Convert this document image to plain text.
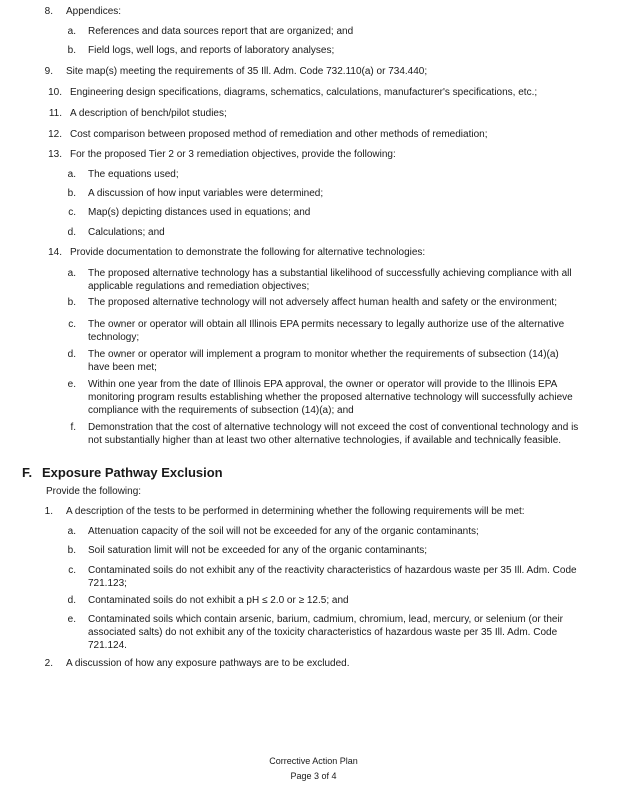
8. Appendices:
a. References and data sources report that are organized; and
b. Field logs, well logs, and reports of laboratory analyses;
9. Site map(s) meeting the requirements of 35 Ill. Adm. Code 732.110(a) or 734.440;
10. Engineering design specifications, diagrams, schematics, calculations, manufacturer's specifications, etc.;
11. A description of bench/pilot studies;
12. Cost comparison between proposed method of remediation and other methods of remediation;
13. For the proposed Tier 2 or 3 remediation objectives, provide the following:
a. The equations used;
b. A discussion of how input variables were determined;
c. Map(s) depicting distances used in equations; and
d. Calculations; and
14. Provide documentation to demonstrate the following for alternative technologies:
a. The proposed alternative technology has a substantial likelihood of successfully achieving compliance with all applicable regulations and remediation objectives;
b. The proposed alternative technology will not adversely affect human health and safety or the environment;
c. The owner or operator will obtain all Illinois EPA permits necessary to legally authorize use of the alternative technology;
d. The owner or operator will implement a program to monitor whether the requirements of subsection (14)(a) have been met;
e. Within one year from the date of Illinois EPA approval, the owner or operator will provide to the Illinois EPA monitoring program results establishing whether the proposed alternative technology will successfully achieve compliance with the requirements of subsection (14)(a); and
f. Demonstration that the cost of alternative technology will not exceed the cost of conventional technology and is not substantially higher than at least two other alternative technologies, if available and technically feasible.
F. Exposure Pathway Exclusion
Provide the following:
1. A description of the tests to be performed in determining whether the following requirements will be met:
a. Attenuation capacity of the soil will not be exceeded for any of the organic contaminants;
b. Soil saturation limit will not be exceeded for any of the organic contaminants;
c. Contaminated soils do not exhibit any of the reactivity characteristics of hazardous waste per 35 Ill. Adm. Code 721.123;
d. Contaminated soils do not exhibit a pH ≤ 2.0 or ≥ 12.5; and
e. Contaminated soils which contain arsenic, barium, cadmium, chromium, lead, mercury, or selenium (or their associated salts) do not exhibit any of the toxicity characteristics of hazardous waste per 35 Ill. Adm. Code 721.124.
2. A discussion of how any exposure pathways are to be excluded.
Corrective Action Plan
Page 3 of 4
